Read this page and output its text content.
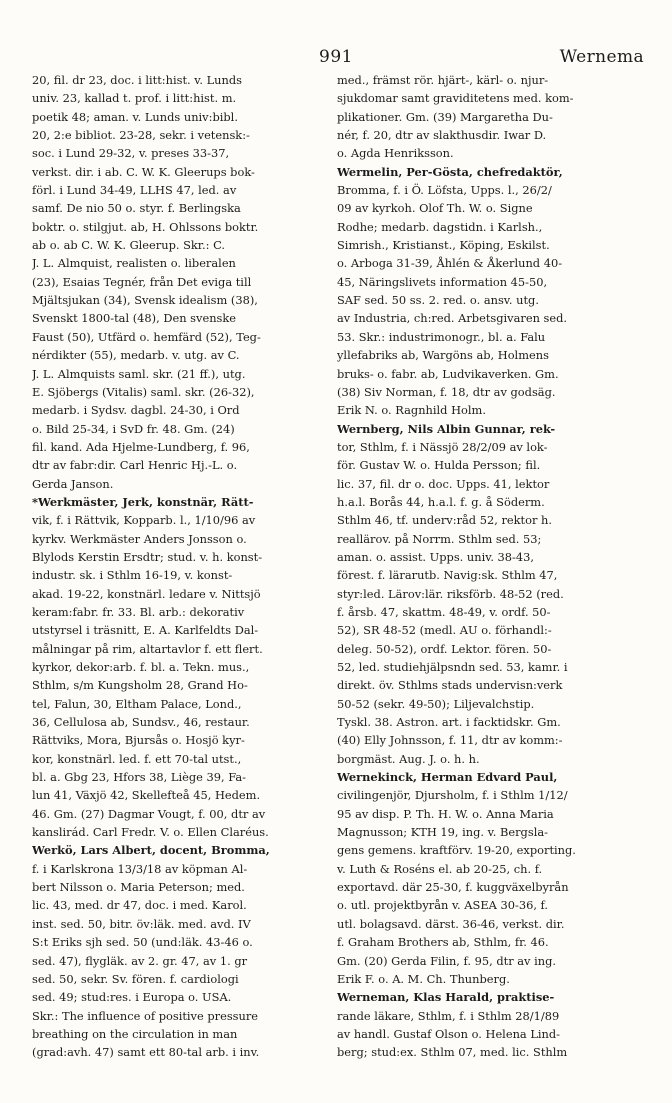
991	Wernema
20, fil. dr 23, doc. i litt:hist. v. Lunds
univ. 23, kallad t. prof. i litt:hist. m.
poetik 48; aman. v. Lunds univ:bibl.
20, 2:e bibliot. 23-28, sekr. i vetensk:-
soc. i Lund 29-32, v. preses 33-37,
verkst. dir. i ab. C. W. K. Gleerups bok-
förl. i Lund 34-49, LLHS 47, led. av
samf. De nio 50 o. styr. f. Berlingska
boktr. o. stilgjut. ab, H. Ohlssons boktr.
ab o. ab C. W. K. Gleerup. Skr.: C.
J. L. Almquist, realisten o. liberalen
(23), Esaias Tegnér, från Det eviga till
Mjältsjukan (34), Svensk idealism (38),
Svenskt 1800-tal (48), Den svenske
Faust (50), Utfärd o. hemfärd (52), Teg-
nérdikter (55), medarb. v. utg. av C.
J. L. Almquists saml. skr. (21 ff.), utg.
E. Sjöbergs (Vitalis) saml. skr. (26-32),
medarb. i Sydsv. dagbl. 24-30, i Ord
o. Bild 25-34, i SvD fr. 48. Gm. (24)
fil. kand. Ada Hjelme-Lundberg, f. 96,
dtr av fabr:dir. Carl Henric Hj.-L. o.
Gerda Janson.
*Werkmäster, Jerk, konstnär, Rätt-
vik, f. i Rättvik, Kopparb. l., 1/10/96 av
kyrkv. Werkmäster Anders Jonsson o.
Blylods Kerstin Ersdtr; stud. v. h. konst-
industr. sk. i Sthlm 16-19, v. konst-
akad. 19-22, konstnärl. ledare v. Nittsjö
keram:fabr. fr. 33. Bl. arb.: dekorativ
utstyrsel i träsnitt, E. A. Karlfeldts Dal-
målningar på rim, altartavlor f. ett flert.
kyrkor, dekor:arb. f. bl. a. Tekn. mus.,
Sthlm, s/m Kungsholm 28, Grand Ho-
tel, Falun, 30, Eltham Palace, Lond.,
36, Cellulosa ab, Sundsv., 46, restaur.
Rättviks, Mora, Bjursås o. Hosjö kyr-
kor, konstnärl. led. f. ett 70-tal utst.,
bl. a. Gbg 23, Hfors 38, Liège 39, Fa-
lun 41, Växjö 42, Skellefteå 45, Hedem.
46. Gm. (27) Dagmar Vougt, f. 00, dtr av
kanslirád. Carl Fredr. V. o. Ellen Claréus.
Werkö, Lars Albert, docent, Bromma,
f. i Karlskrona 13/3/18 av köpman Al-
bert Nilsson o. Maria Peterson; med.
lic. 43, med. dr 47, doc. i med. Karol.
inst. sed. 50, bitr. öv:läk. med. avd. IV
S:t Eriks sjh sed. 50 (und:läk. 43-46 o.
sed. 47), flygläk. av 2. gr. 47, av 1. gr
sed. 50, sekr. Sv. fören. f. cardiologi
sed. 49; stud:res. i Europa o. USA.
Skr.: The influence of positive pressure
breathing on the circulation in man
(grad:avh. 47) samt ett 80-tal arb. i inv.
med., främst rör. hjärt-, kärl- o. njur-
sjukdomar samt graviditetens med. kom-
plikationer. Gm. (39) Margaretha Du-
nér, f. 20, dtr av slakthusdir. Iwar D.
o. Agda Henriksson.
Wermelin, Per-Gösta, chefredaktör,
Bromma, f. i Ö. Löfsta, Upps. l., 26/2/
09 av kyrkoh. Olof Th. W. o. Signe
Rodhe; medarb. dagstidn. i Karlsh.,
Simrish., Kristianst., Köping, Eskilst.
o. Arboga 31-39, Åhlén & Åkerlund 40-
45, Näringslivets information 45-50,
SAF sed. 50 ss. 2. red. o. ansv. utg.
av Industria, ch:red. Arbetsgivaren sed.
53. Skr.: industrimonogr., bl. a. Falu
yllefabriks ab, Wargöns ab, Holmens
bruks- o. fabr. ab, Ludvikaverken. Gm.
(38) Siv Norman, f. 18, dtr av godsäg.
Erik N. o. Ragnhild Holm.
Wernberg, Nils Albin Gunnar, rek-
tor, Sthlm, f. i Nässjö 28/2/09 av lok-
för. Gustav W. o. Hulda Persson; fil.
lic. 37, fil. dr o. doc. Upps. 41, lektor
h.a.l. Borås 44, h.a.l. f. g. å Söderm.
Sthlm 46, tf. underv:råd 52, rektor h.
reallärov. på Norrm. Sthlm sed. 53;
aman. o. assist. Upps. univ. 38-43,
förest. f. lärarutb. Navig:sk. Sthlm 47,
styr:led. Lärov:lär. riksförb. 48-52 (red.
f. årsb. 47, skattm. 48-49, v. ordf. 50-
52), SR 48-52 (medl. AU o. förhandl:-
deleg. 50-52), ordf. Lektor. fören. 50-
52, led. studiehjälpsndn sed. 53, kamr. i
direkt. öv. Sthlms stads undervisn:verk
50-52 (sekr. 49-50); Liljevalchstip.
Tyskl. 38. Astron. art. i facktidskr. Gm.
(40) Elly Johnsson, f. 11, dtr av komm:-
borgmäst. Aug. J. o. h. h.
Wernekinck, Herman Edvard Paul,
civilingenjör, Djursholm, f. i Sthlm 1/12/
95 av disp. P. Th. H. W. o. Anna Maria
Magnusson; KTH 19, ing. v. Bergsla-
gens gemens. kraftförv. 19-20, exporting.
v. Luth & Roséns el. ab 20-25, ch. f.
exportavd. där 25-30, f. kuggväxelbyrån
o. utl. projektbyrån v. ASEA 30-36, f.
utl. bolagsavd. därst. 36-46, verkst. dir.
f. Graham Brothers ab, Sthlm, fr. 46.
Gm. (20) Gerda Filin, f. 95, dtr av ing.
Erik F. o. A. M. Ch. Thunberg.
Werneman, Klas Harald, praktise-
rande läkare, Sthlm, f. i Sthlm 28/1/89
av handl. Gustaf Olson o. Helena Lind-
berg; stud:ex. Sthlm 07, med. lic. Sthlm
